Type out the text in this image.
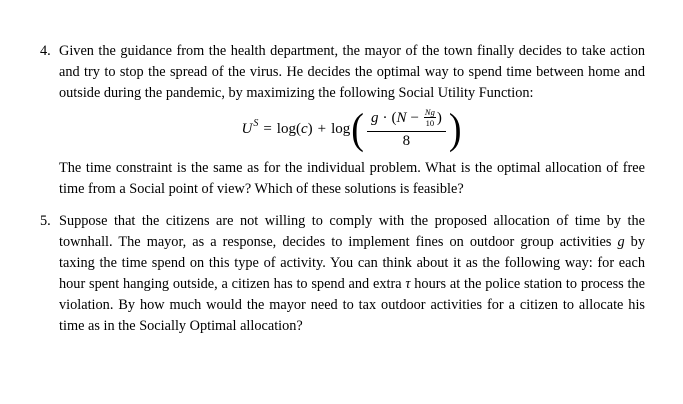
4. Given the guidance from the health department, the mayor of the town finally decides to take action and try to stop the spread of the virus. He decides the optimal way to spend time between home and outside during the pandemic, by maximizing the following Social Utility Function:

$U^S = \log(c) + \log$ ( $\frac{g \cdot ( N - \frac{Ng}{10} )}{8}$ )

The time constraint is the same as for the individual problem. What is the optimal allocation of free time from a Social point of view? Which of these solutions is feasible?

5. Suppose that the citizens are not willing to comply with the proposed allocation of time by the townhall. The mayor, as a response, decides to implement fines on outdoor group activities g by taxing the time spend on this type of activity. You can think about it as the following way: for each hour spent hanging outside, a citizen has to spend and extra τ hours at the police station to process the violation. By how much would the mayor need to tax outdoor activities for a citizen to allocate his time as in the Socially Optimal allocation?
